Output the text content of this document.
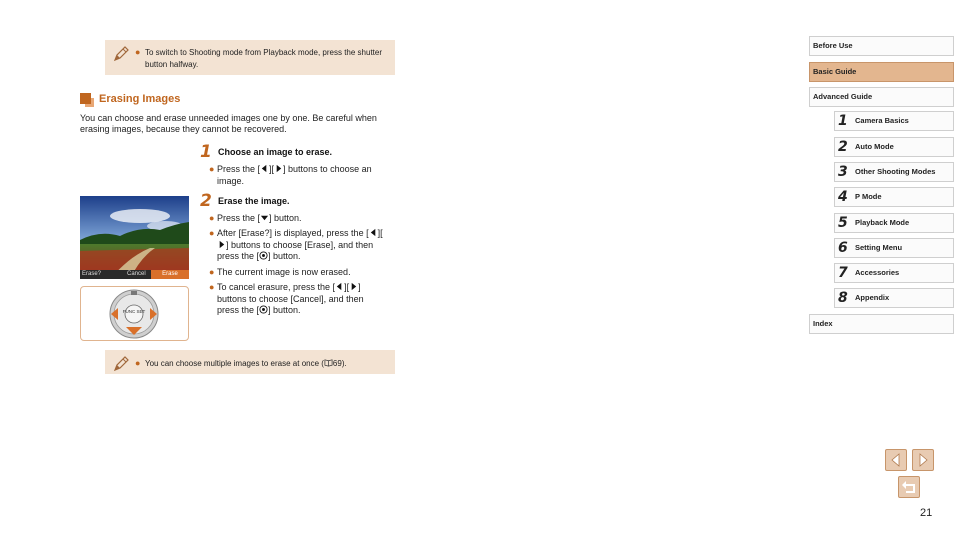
● To switch to Shooting mode from Playback mode, press the shutter button halfway.
Erasing Images
You can choose and erase unneeded images one by one. Be careful when erasing images, because they cannot be recovered.
1 Choose an image to erase.
● Press the [ ][ ] buttons to choose an image.
2 Erase the image.
● Press the [ ] button.
● After [Erase?] is displayed, press the [ ][] buttons to choose [Erase], and then press the [ ] button.
● The current image is now erased.
● To cancel erasure, press the [ ][ ] buttons to choose [Cancel], and then press the [ ] button.
Erase?	Cancel	Erase
FUNC SET
● You can choose multiple images to erase at once ( 69).
Before Use
Basic Guide
Advanced Guide
1 Camera Basics
2 Auto Mode
3 Other Shooting Modes
4 P Mode
5 Playback Mode
6 Setting Menu
7 Accessories
8 Appendix
Index
21
